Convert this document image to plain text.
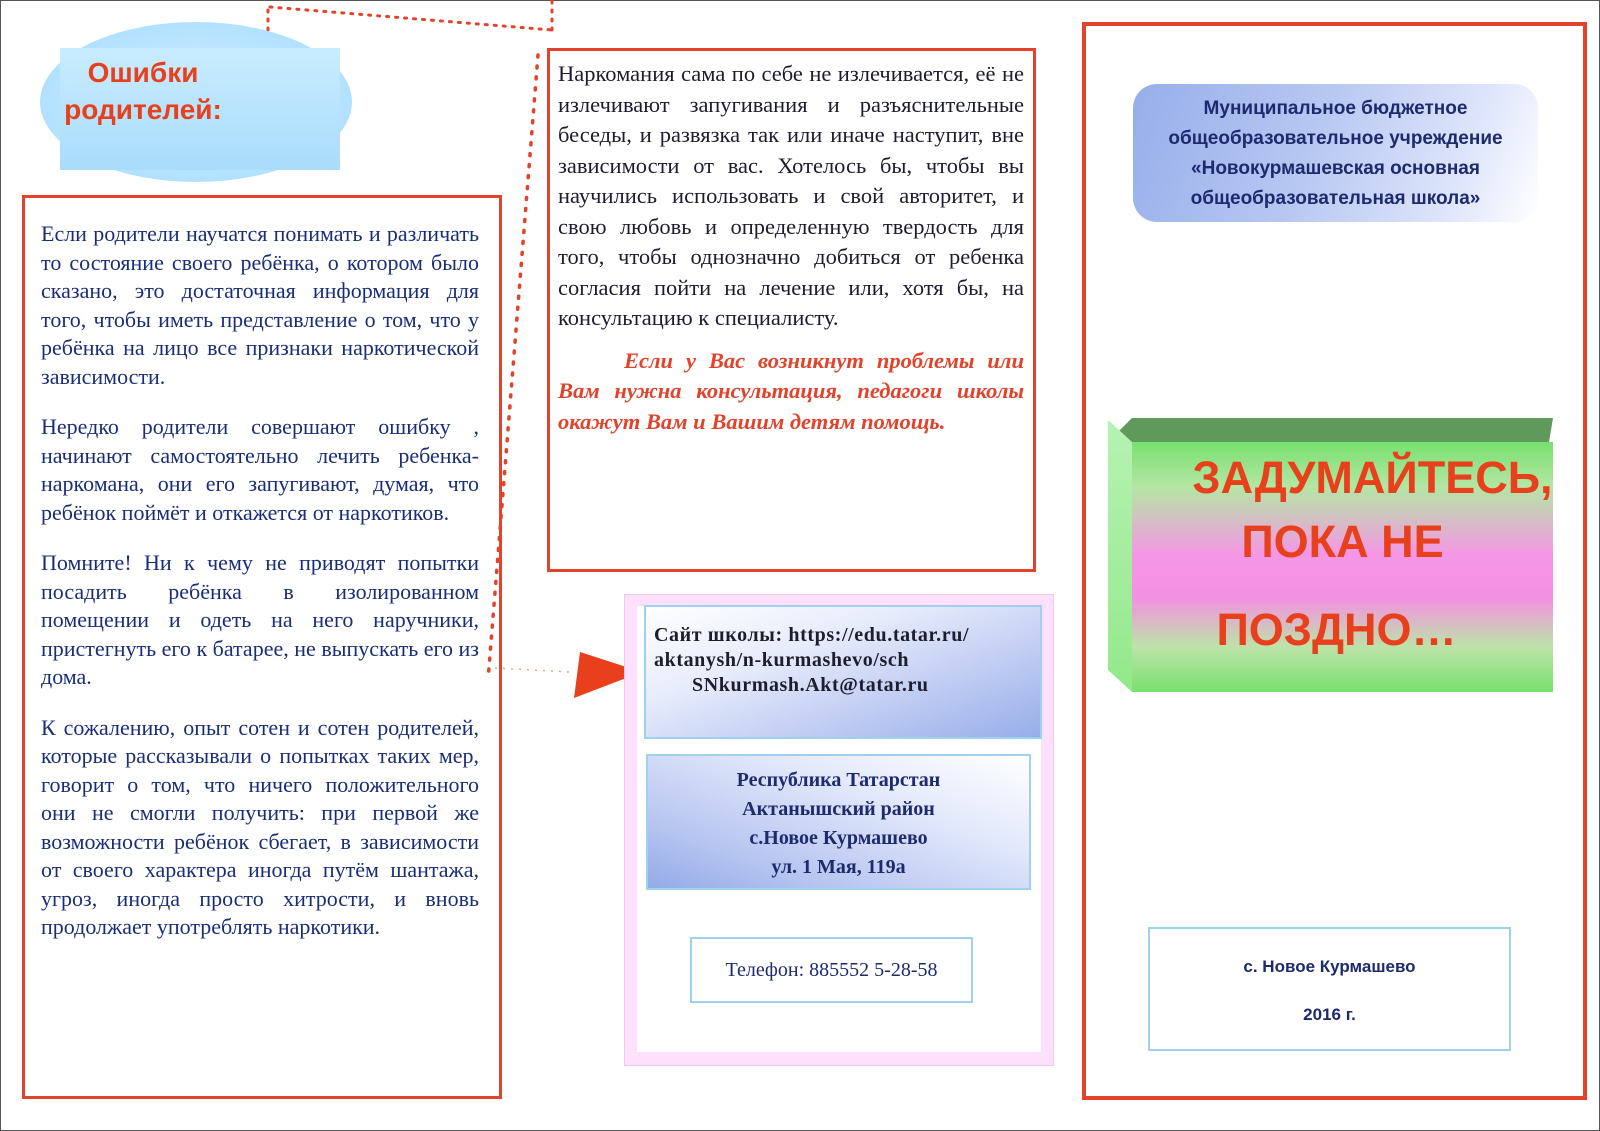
Ошибки родителей:

Если родители научатся понимать и различать то состояние своего ребёнка, о котором было сказано, это достаточная информация для того, чтобы иметь представление о том, что у ребёнка на лицо все признаки наркотической зависимости.

Нередко родители совершают ошибку , начинают самостоятельно лечить ребенка-наркомана, они его запугивают, думая, что ребёнок поймёт и откажется от наркотиков.

Помните! Ни к чему не приводят попытки посадить ребёнка в изолированном помещении и одеть на него наручники, пристегнуть его к батарее, не выпускать его из дома.

К сожалению, опыт сотен и сотен родителей, которые рассказывали о попытках таких мер, говорит о том, что ничего положительного они не смогли получить: при первой же возможности ребёнок сбегает, в зависимости от своего характера иногда путём шантажа, угроз, иногда просто хитрости, и вновь продолжает употреблять наркотики.

Наркомания сама по себе не излечивается, её не излечивают запугивания и разъяснительные беседы, и развязка так или иначе наступит, вне зависимости от вас. Хотелось бы, чтобы вы научились использовать и свой авторитет, и свою любовь и определенную твердость для того, чтобы однозначно добиться от ребенка согласия пойти на лечение или, хотя бы, на консультацию к специалисту.

Если у Вас возникнут проблемы или Вам нужна консультация, педагоги школы окажут Вам и Вашим детям помощь.

Сайт школы: https://edu.tatar.ru/
aktanysh/n-kurmashevo/sch
SNkurmash.Akt@tatar.ru
Республика Татарстан
Актанышский район
с.Новое Курмашево
ул. 1 Мая, 119а
Телефон: 885552 5-28-58
Муниципальное бюджетное
общеобразовательное учреждение
«Новокурмашевская основная
общеобразовательная школа»
ЗАДУМАЙТЕСЬ,
ПОКА НЕ
ПОЗДНО…
с. Новое Курмашево
2016 г.
